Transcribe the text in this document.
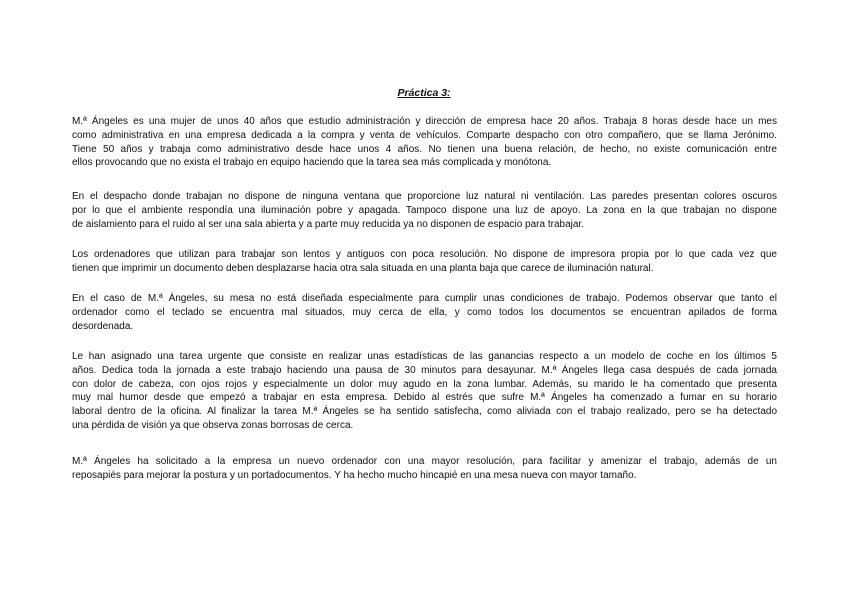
Práctica 3:
M.ª Ángeles es una mujer de unos 40 años que estudio administración y dirección de empresa hace 20 años. Trabaja 8 horas desde hace un mes
como administrativa en una empresa dedicada a la compra y venta de vehículos. Comparte despacho con otro compañero, que se llama Jerónimo.
Tiene 50 años y trabaja como administrativo desde hace unos 4 años. No tienen una buena relación, de hecho, no existe comunicación entre
ellos provocando que no exista el trabajo en equipo haciendo que la tarea sea más complicada y monótona.
En el despacho donde trabajan no dispone de ninguna ventana que proporcione luz natural ni ventilación. Las paredes presentan colores oscuros
por lo que el ambiente respondía una iluminación pobre y apagada. Tampoco dispone una luz de apoyo. La zona en la que trabajan no dispone
de aislamiento para el ruido al ser una sala abierta y a parte muy reducida ya no disponen de espacio para trabajar.
Los ordenadores que utilizan para trabajar son lentos y antiguos con poca resolución. No dispone de impresora propia por lo que cada vez que
tienen que imprimir un documento deben desplazarse hacia otra sala situada en una planta baja que carece de iluminación natural.
En el caso de M.ª Ángeles, su mesa no está diseñada especialmente para cumplir unas condiciones de trabajo. Podemos observar que tanto el
ordenador como el teclado se encuentra mal situados, muy cerca de ella, y como todos los documentos se encuentran apilados de forma
desordenada.
Le han asignado una tarea urgente que consiste en realizar unas estadísticas de las ganancias respecto a un modelo de coche en los últimos 5
años. Dedica toda la jornada a este trabajo haciendo una pausa de 30 minutos para desayunar. M.ª Ángeles llega casa después de cada jornada
con dolor de cabeza, con ojos rojos y especialmente un dolor muy agudo en la zona lumbar. Además, su marido le ha comentado que presenta
muy mal humor desde que empezó a trabajar en esta empresa. Debido al estrés que sufre M.ª Ángeles ha comenzado a fumar en su horario
laboral dentro de la oficina. Al finalizar la tarea M.ª Ángeles se ha sentido satisfecha, como aliviada con el trabajo realizado, pero se ha detectado
una pérdida de visión ya que observa zonas borrosas de cerca.
M.ª Ángeles ha solicitado a la empresa un nuevo ordenador con una mayor resolución, para facilitar y amenizar el trabajo, además de un
reposapiés para mejorar la postura y un portadocumentos. Y ha hecho mucho hincapié en una mesa nueva con mayor tamaño.
